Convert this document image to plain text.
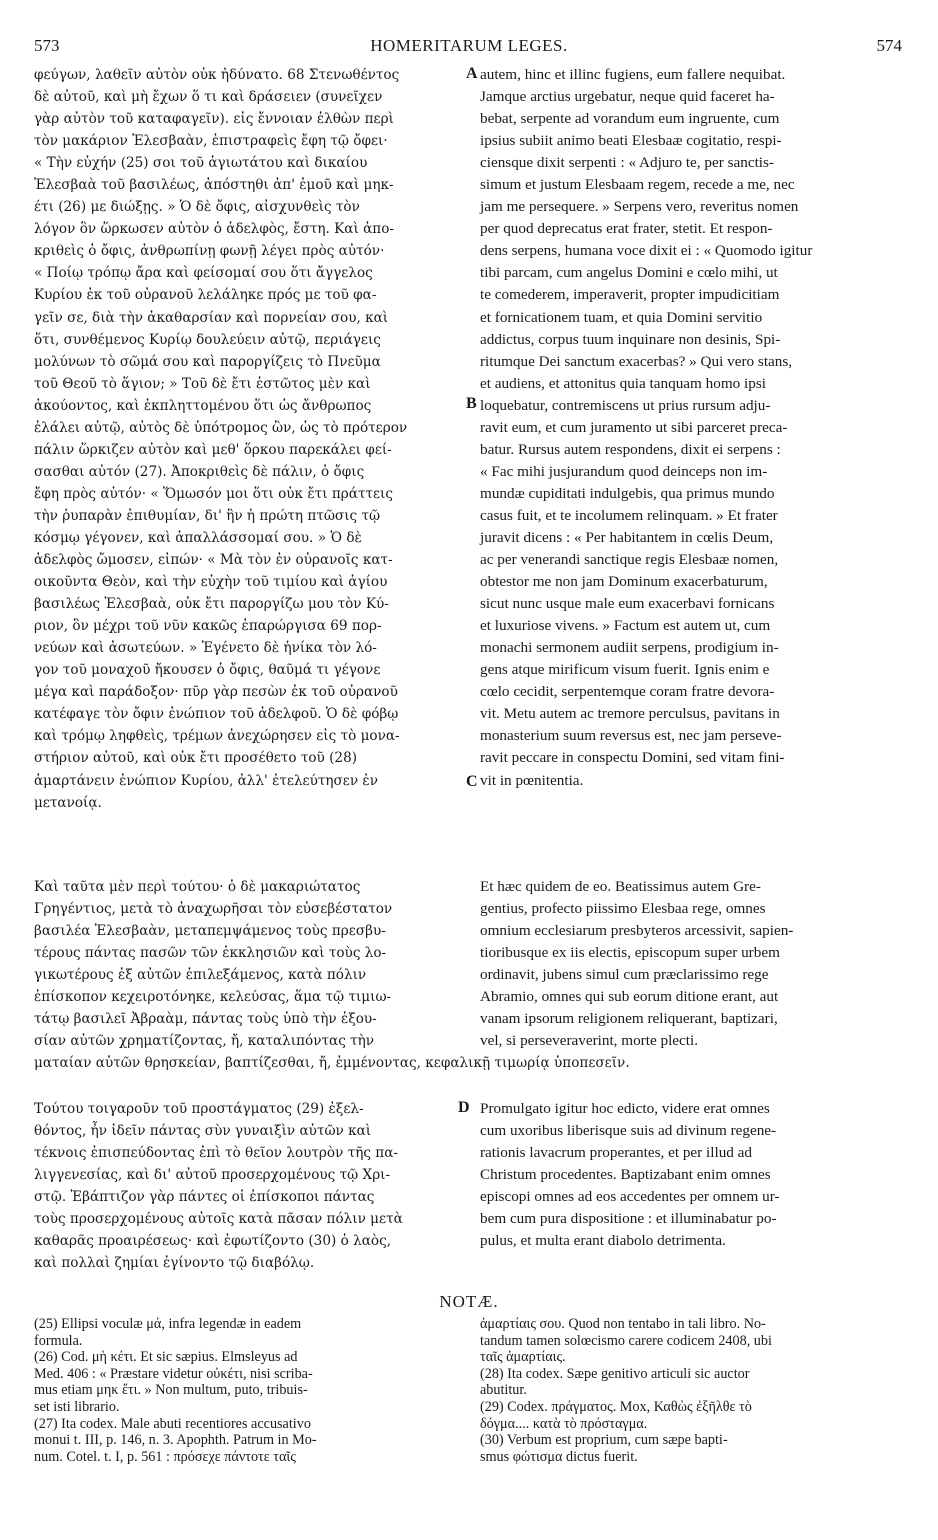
573	HOMERITARUM LEGES.	574
A
B
C
D
φεύγων, λαθεῖν αὐτὸν οὐκ ἠδύνατο. 68 Στενωθέντος
δὲ αὐτοῦ, καὶ μὴ ἔχων ὅ τι καὶ δράσειεν (συνεῖχεν
γὰρ αὐτὸν τοῦ καταφαγεῖν). εἰς ἔννοιαν ἐλθὼν περὶ
τὸν μακάριον Ἐλεσβαὰν, ἐπιστραφεὶς ἔφη τῷ ὄφει·
« Τὴν εὐχήν (25) σοι τοῦ ἁγιωτάτου καὶ δικαίου
Ἐλεσβαὰ τοῦ βασιλέως, ἀπόστηθι ἀπ' ἐμοῦ καὶ μηκ-
έτι (26) με διώξῃς. » Ὁ δὲ ὄφις, αἰσχυνθεὶς τὸν
λόγον ὃν ὥρκωσεν αὐτὸν ὁ ἀδελφὸς, ἔστη. Καὶ ἀπο-
κριθεὶς ὁ ὄφις, ἀνθρωπίνῃ φωνῇ λέγει πρὸς αὐτόν·
« Ποίῳ τρόπῳ ἄρα καὶ φείσομαί σου ὅτι ἄγγελος
Κυρίου ἐκ τοῦ οὐρανοῦ λελάληκε πρός με τοῦ φα-
γεῖν σε, διὰ τὴν ἀκαθαρσίαν καὶ πορνείαν σου, καὶ
ὅτι, συνθέμενος Κυρίῳ δουλεύειν αὐτῷ, περιάγεις
μολύνων τὸ σῶμά σου καὶ παροργίζεις τὸ Πνεῦμα
τοῦ Θεοῦ τὸ ἅγιον; » Τοῦ δὲ ἔτι ἑστῶτος μὲν καὶ
ἀκούοντος, καὶ ἐκπληττομένου ὅτι ὡς ἄνθρωπος
ἐλάλει αὐτῷ, αὐτὸς δὲ ὑπότρομος ὢν, ὡς τὸ πρότερον
πάλιν ὥρκιζεν αὐτὸν καὶ μεθ' ὅρκου παρεκάλει φεί-
σασθαι αὐτόν (27). Ἀποκριθεὶς δὲ πάλιν, ὁ ὄφις
ἔφη πρὸς αὐτόν· « Ὅμωσόν μοι ὅτι οὐκ ἔτι πράττεις
τὴν ῥυπαρὰν ἐπιθυμίαν, δι' ἣν ἡ πρώτη πτῶσις τῷ
κόσμῳ γέγονεν, καὶ ἀπαλλάσσομαί σου. » Ὁ δὲ
ἀδελφὸς ὤμοσεν, εἰπών· « Μὰ τὸν ἐν οὐρανοῖς κατ-
οικοῦντα Θεὸν, καὶ τὴν εὐχὴν τοῦ τιμίου καὶ ἁγίου
βασιλέως Ἐλεσβαὰ, οὐκ ἔτι παροργίζω μου τὸν Κύ-
ριον, ὃν μέχρι τοῦ νῦν κακῶς ἐπαρώργισα 69 πορ-
νεύων καὶ ἀσωτεύων. » Ἐγένετο δὲ ἡνίκα τὸν λό-
γον τοῦ μοναχοῦ ἤκουσεν ὁ ὄφις, θαῦμά τι γέγονε
μέγα καὶ παράδοξον· πῦρ γὰρ πεσὼν ἐκ τοῦ οὐρανοῦ
κατέφαγε τὸν ὄφιν ἐνώπιον τοῦ ἀδελφοῦ. Ὁ δὲ φόβῳ
καὶ τρόμῳ ληφθεὶς, τρέμων ἀνεχώρησεν εἰς τὸ μονα-
στήριον αὐτοῦ, καὶ οὐκ ἔτι προσέθετο τοῦ (28)
ἁμαρτάνειν ἐνώπιον Κυρίου, ἀλλ' ἐτελεύτησεν ἐν
μετανοίᾳ.
autem, hinc et illinc fugiens, eum fallere nequibat.
Jamque arctius urgebatur, neque quid faceret ha-
bebat, serpente ad vorandum eum ingruente, cum
ipsius subiit animo beati Elesbaæ cogitatio, respi-
ciensque dixit serpenti : « Adjuro te, per sanctis-
simum et justum Elesbaam regem, recede a me, nec
jam me persequere. » Serpens vero, reveritus nomen
per quod deprecatus erat frater, stetit. Et respon-
dens serpens, humana voce dixit ei : « Quomodo igitur
tibi parcam, cum angelus Domini e cœlo mihi, ut
te comederem, imperaverit, propter impudicitiam
et fornicationem tuam, et quia Domini servitio
addictus, corpus tuum inquinare non desinis, Spi-
ritumque Dei sanctum exacerbas? » Qui vero stans,
et audiens, et attonitus quia tanquam homo ipsi
loquebatur, contremiscens ut prius rursum adju-
ravit eum, et cum juramento ut sibi parceret preca-
batur. Rursus autem respondens, dixit ei serpens :
« Fac mihi jusjurandum quod deinceps non im-
mundæ cupiditati indulgebis, qua primus mundo
casus fuit, et te incolumem relinquam. » Et frater
juravit dicens : « Per habitantem in cœlis Deum,
ac per venerandi sanctique regis Elesbaæ nomen,
obtestor me non jam Dominum exacerbaturum,
sicut nunc usque male eum exacerbavi fornicans
et luxuriose vivens. » Factum est autem ut, cum
monachi sermonem audiit serpens, prodigium in-
gens atque mirificum visum fuerit. Ignis enim e
cœlo cecidit, serpentemque coram fratre devora-
vit. Metu autem ac tremore perculsus, pavitans in
monasterium suum reversus est, nec jam perseve-
ravit peccare in conspectu Domini, sed vitam fini-
vit in pœnitentia.
Καὶ ταῦτα μὲν περὶ τούτου· ὁ δὲ μακαριώτατος
Γρηγέντιος, μετὰ τὸ ἀναχωρῆσαι τὸν εὐσεβέστατον
βασιλέα Ἐλεσβαὰν, μεταπεμψάμενος τοὺς πρεσβυ-
τέρους πάντας πασῶν τῶν ἐκκλησιῶν καὶ τοὺς λο-
γικωτέρους ἐξ αὐτῶν ἐπιλεξάμενος, κατὰ πόλιν
ἐπίσκοπον κεχειροτόνηκε, κελεύσας, ἅμα τῷ τιμιω-
τάτῳ βασιλεῖ Ἀβραὰμ, πάντας τοὺς ὑπὸ τὴν ἐξου-
σίαν αὐτῶν χρηματίζοντας, ἤ, καταλιπόντας τὴν
ματαίαν αὐτῶν θρησκείαν, βαπτίζεσθαι, ἤ, ἐμμένοντας, κεφαλικῇ τιμωρίᾳ ὑποπεσεῖν.
Et hæc quidem de eo. Beatissimus autem Gre-
gentius, profecto piissimo Elesbaa rege, omnes
omnium ecclesiarum presbyteros arcessivit, sapien-
tioribusque ex iis electis, episcopum super urbem
ordinavit, jubens simul cum præclarissimo rege
Abramio, omnes qui sub eorum ditione erant, aut
vanam ipsorum religionem reliquerant, baptizari,
vel, si perseveraverint, morte plecti.
Τούτου τοιγαροῦν τοῦ προστάγματος (29) ἐξελ-
θόντος, ἦν ἰδεῖν πάντας σὺν γυναιξὶν αὐτῶν καὶ
τέκνοις ἐπισπεύδοντας ἐπὶ τὸ θεῖον λουτρὸν τῆς πα-
λιγγενεσίας, καὶ δι' αὐτοῦ προσερχομένους τῷ Χρι-
στῷ. Ἐβάπτιζον γὰρ πάντες οἱ ἐπίσκοποι πάντας
τοὺς προσερχομένους αὐτοῖς κατὰ πᾶσαν πόλιν μετὰ
καθαρᾶς προαιρέσεως· καὶ ἐφωτίζοντο (30) ὁ λαὸς,
καὶ πολλαὶ ζημίαι ἐγίνοντο τῷ διαβόλῳ.
Promulgato igitur hoc edicto, videre erat omnes
cum uxoribus liberisque suis ad divinum regene-
rationis lavacrum properantes, et per illud ad
Christum procedentes. Baptizabant enim omnes
episcopi omnes ad eos accedentes per omnem ur-
bem cum pura dispositione : et illuminabatur po-
pulus, et multa erant diabolo detrimenta.
NOTÆ.
(25) Ellipsi voculæ μά, infra legendæ in eadem
formula.
(26) Cod. μὴ κέτι. Et sic sæpius. Elmsleyus ad
Med. 406 : « Præstare videtur οὐκέτι, nisi scriba-
mus etiam μηκ ἔτι. » Non multum, puto, tribuis-
set isti librario.
(27) Ita codex. Male abuti recentiores accusativo
monui t. III, p. 146, n. 3. Apophth. Patrum in Mo-
num. Cotel. t. I, p. 561 : πρόσεχε πάντοτε ταῖς
ἁμαρτίαις σου. Quod non tentabo in tali libro. No-
tandum tamen solœcismo carere codicem 2408, ubi
ταῖς ἁμαρτίαις.
(28) Ita codex. Sæpe genitivo articuli sic auctor
abutitur.
(29) Codex. πράγματος. Mox, Καθὼς ἐξῆλθε τὸ
δόγμα.... κατὰ τὸ πρόσταγμα.
(30) Verbum est proprium, cum sæpe bapti-
smus φώτισμα dictus fuerit.
